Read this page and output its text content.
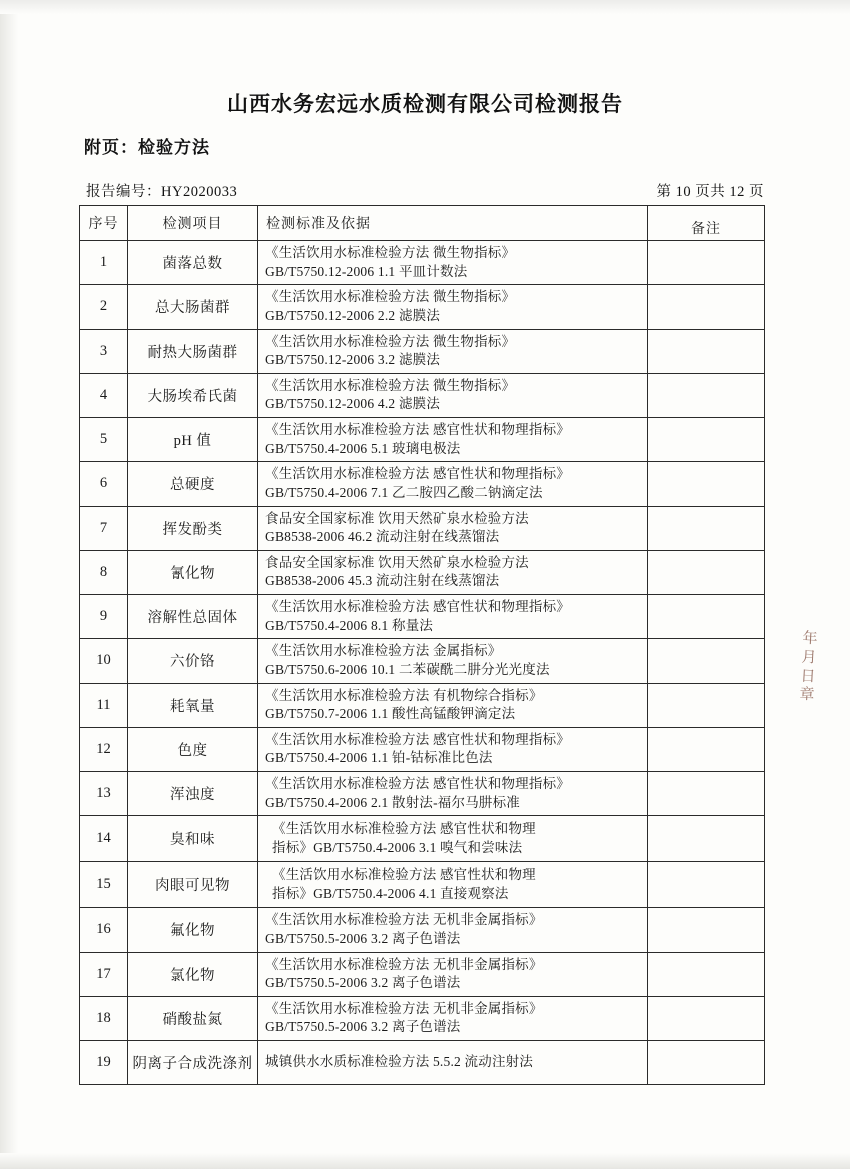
山西水务宏远水质检测有限公司检测报告
附页：检验方法
报告编号：HY2020033	第 10 页共 12 页
序号	检测项目	检测标准及依据	备注
1	菌落总数	《生活饮用水标准检验方法 微生物指标》
GB/T5750.12-2006 1.1 平皿计数法	

2	总大肠菌群	《生活饮用水标准检验方法 微生物指标》
GB/T5750.12-2006 2.2 滤膜法	

3	耐热大肠菌群	《生活饮用水标准检验方法 微生物指标》
GB/T5750.12-2006 3.2 滤膜法	

4	大肠埃希氏菌	《生活饮用水标准检验方法 微生物指标》
GB/T5750.12-2006 4.2 滤膜法	

5	pH 值	《生活饮用水标准检验方法 感官性状和物理指标》
GB/T5750.4-2006 5.1 玻璃电极法	

6	总硬度	《生活饮用水标准检验方法 感官性状和物理指标》
GB/T5750.4-2006 7.1 乙二胺四乙酸二钠滴定法	

7	挥发酚类	食品安全国家标准 饮用天然矿泉水检验方法
GB8538-2006 46.2 流动注射在线蒸馏法	

8	氰化物	食品安全国家标准 饮用天然矿泉水检验方法
GB8538-2006 45.3 流动注射在线蒸馏法	

9	溶解性总固体	《生活饮用水标准检验方法 感官性状和物理指标》
GB/T5750.4-2006 8.1 称量法	

10	六价铬	《生活饮用水标准检验方法 金属指标》
GB/T5750.6-2006 10.1 二苯碳酰二肼分光光度法	

11	耗氧量	《生活饮用水标准检验方法 有机物综合指标》
GB/T5750.7-2006 1.1 酸性高锰酸钾滴定法	

12	色度	《生活饮用水标准检验方法 感官性状和物理指标》
GB/T5750.4-2006 1.1 铂-钴标准比色法	

13	浑浊度	《生活饮用水标准检验方法 感官性状和物理指标》
GB/T5750.4-2006 2.1 散射法-福尔马肼标准	

14	臭和味	《生活饮用水标准检验方法 感官性状和物理
指标》GB/T5750.4-2006 3.1 嗅气和尝味法	

15	肉眼可见物	《生活饮用水标准检验方法 感官性状和物理
指标》GB/T5750.4-2006 4.1 直接观察法	

16	氟化物	《生活饮用水标准检验方法 无机非金属指标》
GB/T5750.5-2006 3.2 离子色谱法	

17	氯化物	《生活饮用水标准检验方法 无机非金属指标》
GB/T5750.5-2006 3.2 离子色谱法	

18	硝酸盐氮	《生活饮用水标准检验方法 无机非金属指标》
GB/T5750.5-2006 3.2 离子色谱法	

19	阴离子合成洗涤剂	城镇供水水质标准检验方法 5.5.2 流动注射法	

年
月
日
章
